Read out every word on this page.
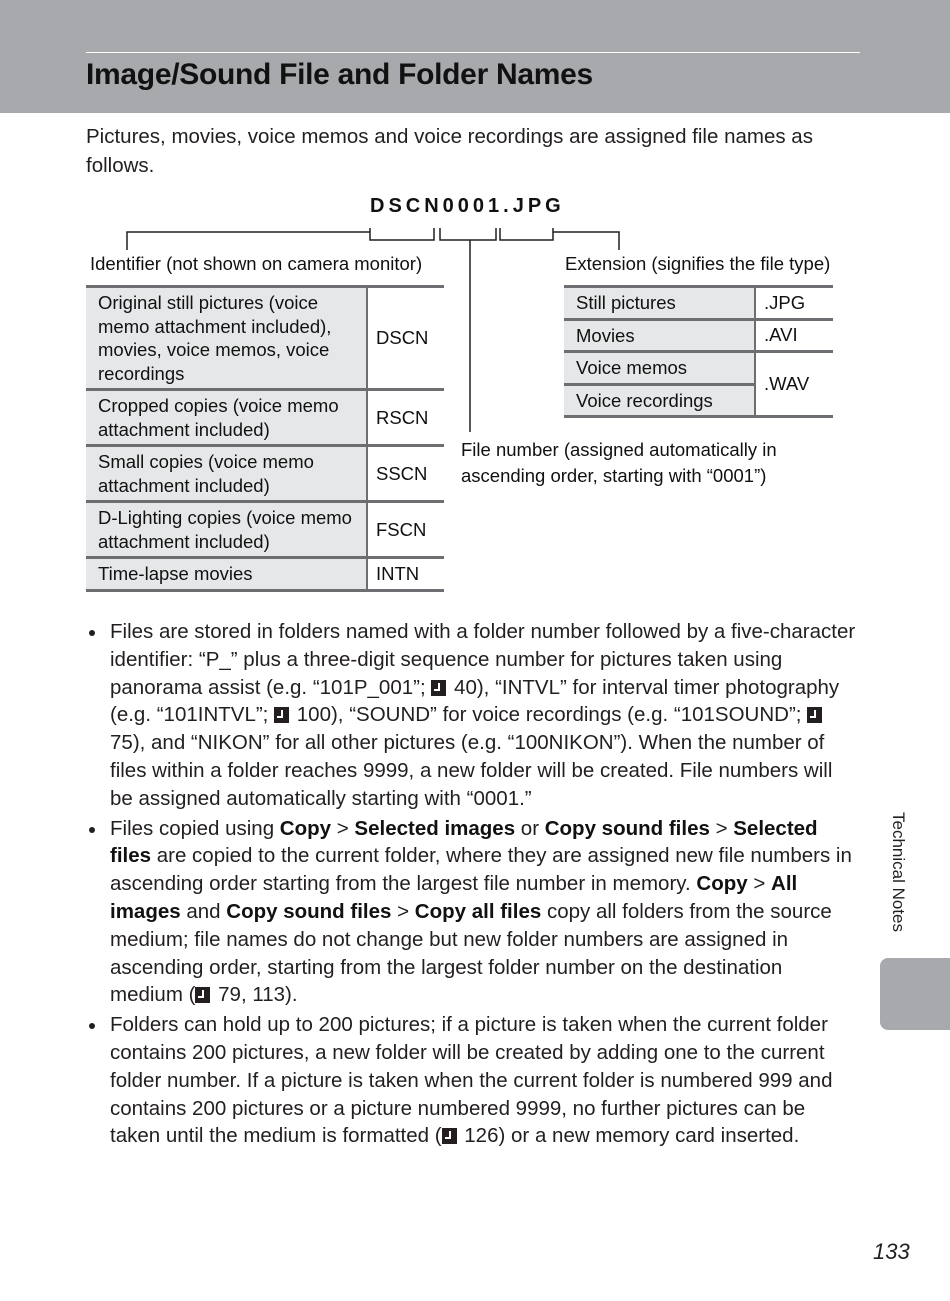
Image/Sound File and Folder Names

Pictures, movies, voice memos and voice recordings are assigned file names as follows.

DSCN0001.JPG
Identifier (not shown on camera monitor)	Extension (signifies the file type)
File number (assigned automatically in ascending order, starting with “0001”)
Original still pictures (voice memo attachment included), movies, voice memos, voice recordings	DSCN
Cropped copies (voice memo attachment included)	RSCN
Small copies (voice memo attachment included)	SSCN
D-Lighting copies (voice memo attachment included)	FSCN
Time-lapse movies	INTN
Still pictures	.JPG
Movies	.AVI
Voice memos	.WAV
Voice recordings	
Files are stored in folders named with a folder number followed by a five-character identifier: “P_” plus a three-digit sequence number for pictures taken using panorama assist (e.g. “101P_001”;  40), “INTVL” for interval timer photography (e.g. “101INTVL”;  100), “SOUND” for voice recordings (e.g. “101SOUND”;  75), and “NIKON” for all other pictures (e.g. “100NIKON”). When the number of files within a folder reaches 9999, a new folder will be created. File numbers will be assigned automatically starting with “0001.”
Files copied using Copy > Selected images or Copy sound files > Selected files are copied to the current folder, where they are assigned new file numbers in ascending order starting from the largest file number in memory. Copy > All images and Copy sound files > Copy all files copy all folders from the source medium; file names do not change but new folder numbers are assigned in ascending order, starting from the largest folder number on the destination medium ( 79, 113).
Folders can hold up to 200 pictures; if a picture is taken when the current folder contains 200 pictures, a new folder will be created by adding one to the current folder number. If a picture is taken when the current folder is numbered 999 and contains 200 pictures or a picture numbered 9999, no further pictures can be taken until the medium is formatted ( 126) or a new memory card inserted.
Technical Notes
133
